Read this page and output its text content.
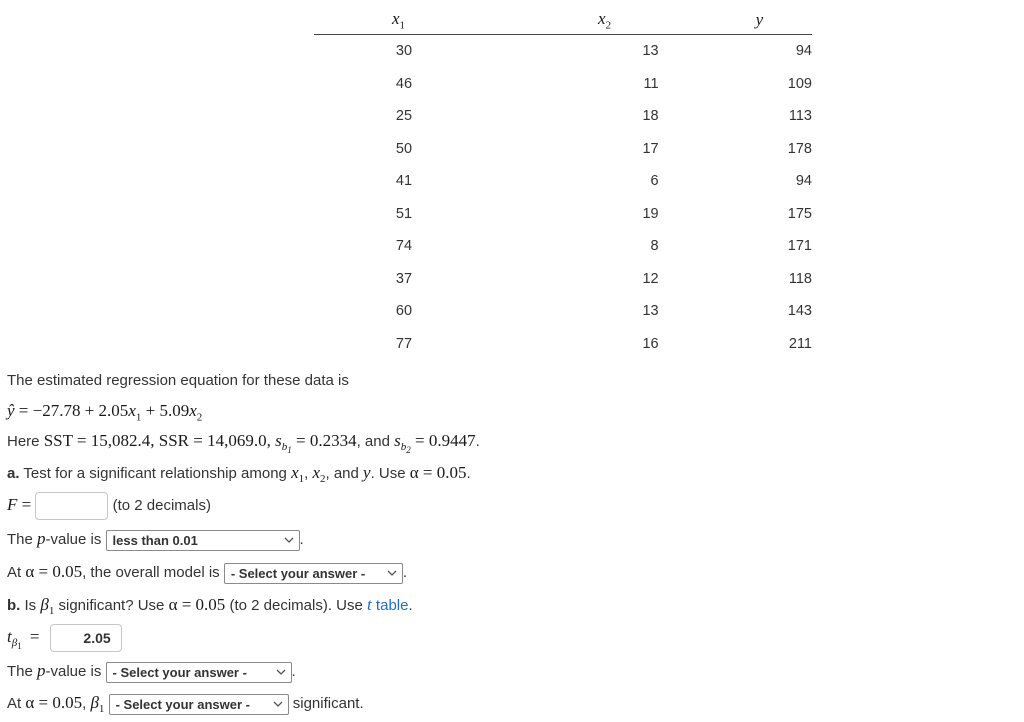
$x_1$	$x_2$	y
30	13	94
46	11	109
25	18	113
50	17	178
41	6	94
51	19	175
74	8	171
37	12	118
60	13	143
77	16	211
The estimated regression equation for these data is
ŷ = $-27.78 + 2.05x_1 + 5.09x_2$
Here SST = 15,082.4, SSR = 14,069.0, $s_{b_1} = 0.2334$, and $s_{b_2} = 0.9447$.
a. Test for a significant relationship among $x_1$, $x_2$, and y. Use α = 0.05.
F =	(to 2 decimals)
The p-value is less than 0.01	.
At α = 0.05, the overall model is - Select your answer -	.
b. Is $\beta_1$ significant? Use α = 0.05 (to 2 decimals). Use t table.
$t_{\beta_1}$ =	2.05
The p-value is - Select your answer -	.
At α = 0.05, $\beta_1$ - Select your answer -	significant.
